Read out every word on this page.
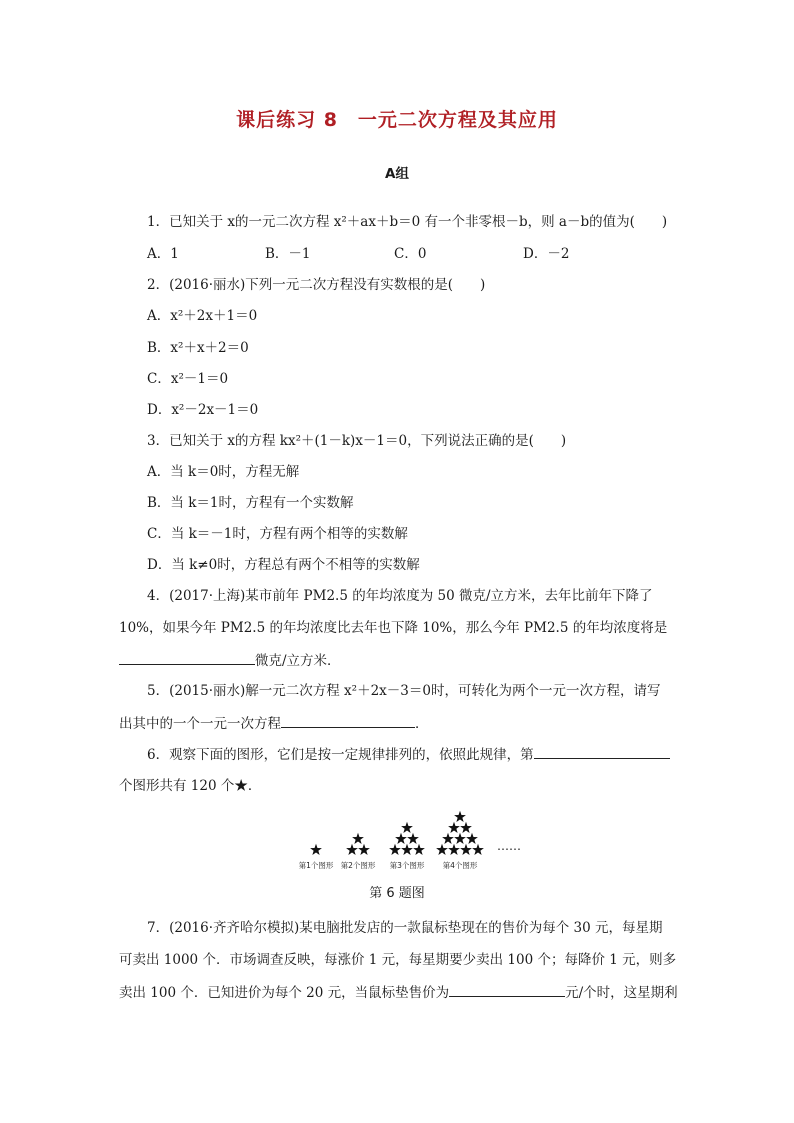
课后练习 8　一元二次方程及其应用
A组
1．已知关于 x的一元二次方程 x²＋ax＋b＝0 有一个非零根－b，则 a－b的值为(　　)
A．1	B．－1	C．0	D．－2
2．(2016·丽水)下列一元二次方程没有实数根的是(　　)
A．x²＋2x＋1＝0
B．x²＋x＋2＝0
C．x²－1＝0
D．x²－2x－1＝0
3．已知关于 x的方程 kx²＋(1－k)x－1＝0，下列说法正确的是(　　)
A．当 k＝0时，方程无解
B．当 k＝1时，方程有一个实数解
C．当 k＝－1时，方程有两个相等的实数解
D．当 k≠0时，方程总有两个不相等的实数解
4．(2017·上海)某市前年 PM2.5 的年均浓度为 50 微克/立方米，去年比前年下降了
10%，如果今年 PM2.5 的年均浓度比去年也下降 10%，那么今年 PM2.5 的年均浓度将是
微克/立方米．
5．(2015·丽水)解一元二次方程 x²＋2x－3＝0时，可转化为两个一元一次方程，请写
出其中的一个一元一次方程	．
6．观察下面的图形，它们是按一定规律排列的，依照此规律，第
个图形共有 120 个★．
第1个图形 第2个图形 第3个图形 第4个图形
……
第 6 题图
7．(2016·齐齐哈尔模拟)某电脑批发店的一款鼠标垫现在的售价为每个 30 元，每星期
可卖出 1000 个．市场调查反映，每涨价 1 元，每星期要少卖出 100 个；每降价 1 元，则多
卖出 100 个．已知进价为每个 20 元，当鼠标垫售价为	元/个时，这星期利
